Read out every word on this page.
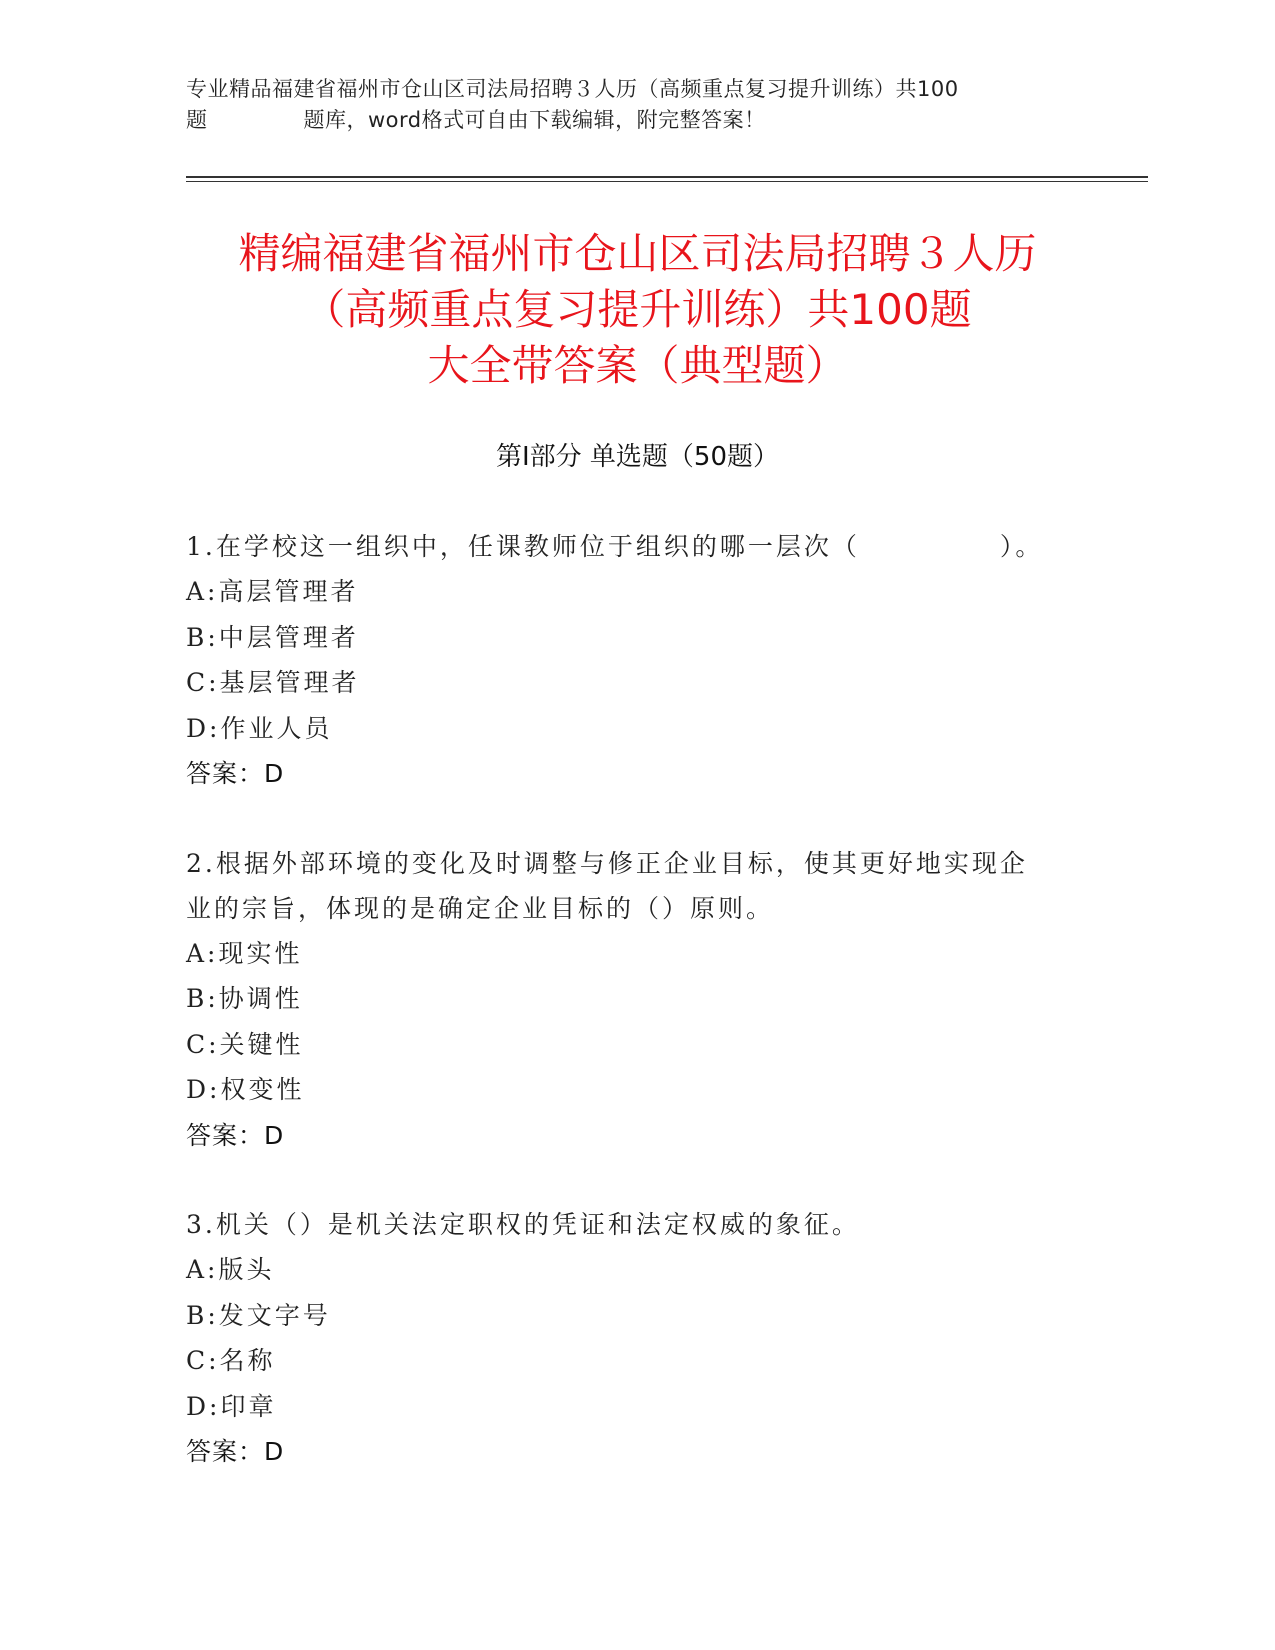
专业精品福建省福州市仓山区司法局招聘３人历（高频重点复习提升训练）共100
题	题库，word格式可自由下载编辑，附完整答案！
精编福建省福州市仓山区司法局招聘３人历
（高频重点复习提升训练）共100题
大全带答案（典型题）
第Ⅰ部分 单选题（50题）
1.在学校这一组织中，任课教师位于组织的哪一层次（　　　　　）。
A:高层管理者
B:中层管理者
C:基层管理者
D:作业人员
答案：D
2.根据外部环境的变化及时调整与修正企业目标，使其更好地实现企
业的宗旨，体现的是确定企业目标的（）原则。
A:现实性
B:协调性
C:关键性
D:权变性
答案：D
3.机关（）是机关法定职权的凭证和法定权威的象征。
A:版头
B:发文字号
C:名称
D:印章
答案：D
